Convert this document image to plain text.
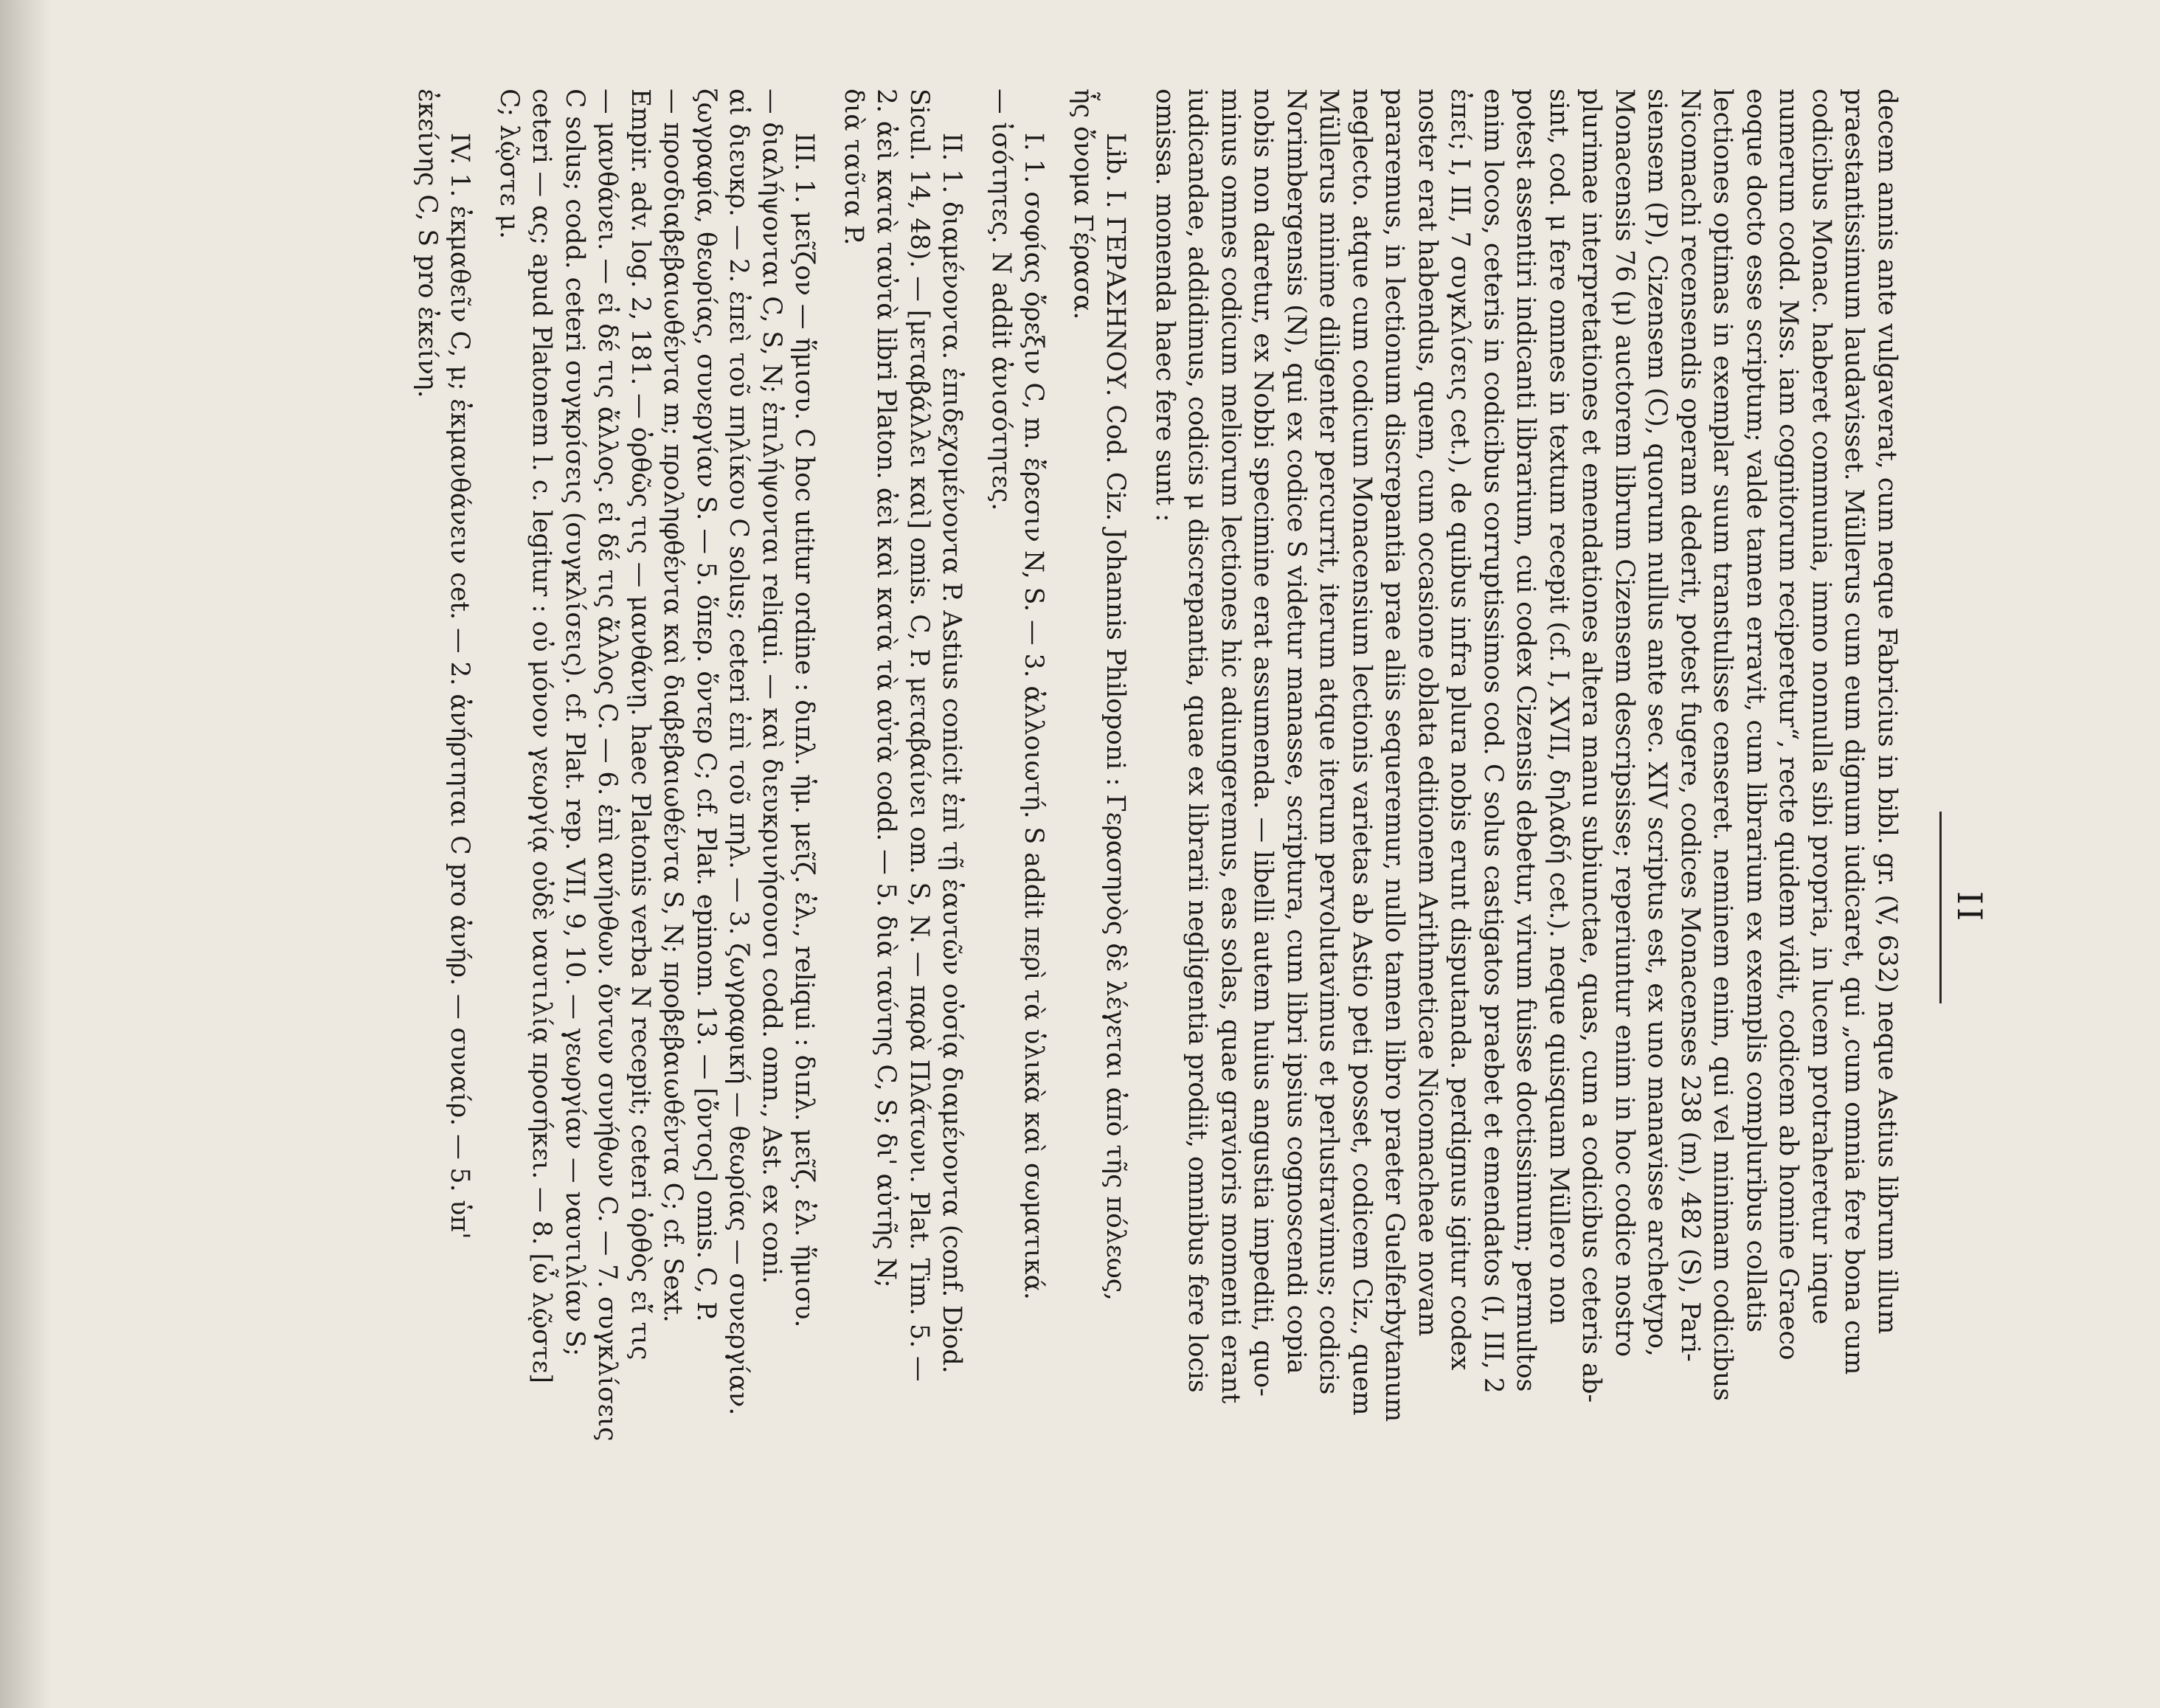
II

decem annis ante vulgaverat, cum neque Fabricius in bibl. gr. (V, 632) neque Astius librum illum
praestantissimum laudavisset. Müllerus cum eum dignum iudicaret, qui „cum omnia fere bona cum
codicibus Monac. haberet communia, immo nonnulla sibi propria, in lucem protraheretur inque
numerum codd. Mss. iam cognitorum reciperetur“, recte quidem vidit, codicem ab homine Graeco
eoque docto esse scriptum; valde tamen erravit, cum librarium ex exemplis compluribus collatis
lectiones optimas in exemplar suum transtulisse censeret. neminem enim, qui vel minimam codicibus
Nicomachi recensendis operam dederit, potest fugere, codices Monacenses 238 (m), 482 (S), Pari-
siensem (P), Cizensem (C), quorum nullus ante sec. XIV scriptus est, ex uno manavisse archetypo,
Monacensis 76 (μ) auctorem librum Cizensem descripsisse; reperiuntur enim in hoc codice nostro
plurimae interpretationes et emendationes altera manu subiunctae, quas, cum a codicibus ceteris ab-
sint, cod. μ fere omnes in textum recepit (cf. I, XVII, δηλαδή cet.). neque quisquam Müllero non
potest assentiri indicanti librarium, cui codex Cizensis debetur, virum fuisse doctissimum; permultos
enim locos, ceteris in codicibus corruptissimos cod. C solus castigatos praebet et emendatos (I, III, 2
ἐπεί; I, III, 7 συγκλίσεις cet.), de quibus infra plura nobis erunt disputanda. perdignus igitur codex
noster erat habendus, quem, cum occasione oblata editionem Arithmeticae Nicomacheae novam
pararemus, in lectionum discrepantia prae aliis sequeremur, nullo tamen libro praeter Guelferbytanum
neglecto. atque cum codicum Monacensium lectionis varietas ab Astio peti posset, codicem Ciz., quem
Müllerus minime diligenter percurrit, iterum atque iterum pervolutavimus et perlustravimus; codicis
Norimbergensis (N), qui ex codice S videtur manasse, scriptura, cum libri ipsius cognoscendi copia
nobis non daretur, ex Nobbi specimine erat assumenda. — libelli autem huius angustia impediti, quo-
minus omnes codicum meliorum lectiones hic adiungeremus, eas solas, quae gravioris momenti erant
iudicandae, addidimus, codicis μ discrepantia, quae ex librarii negligentia prodiit, omnibus fere locis
omissa. monenda haec fere sunt :

Lib. I. ΓΕΡΑΣΗΝΟΥ. Cod. Ciz. Johannis Philoponi : Γερασηνὸς δὲ λέγεται ἀπὸ τῆς πόλεως,
ἧς ὄνομα Γέρασα.

I. 1. σοφίας ὄρεξιν C, m. ἔρεσιν N, S. — 3. ἀλλοιωτή. S addit περὶ τὰ ὑλικὰ καὶ σωματικά.
— ἰσότητες. N addit ἀνισότητες.

II. 1. διαμένοντα. ἐπιδεχομένοντα P. Astius conicit ἐπὶ τῇ ἑαυτῶν οὐσίᾳ διαμένοντα (conf. Diod.
Sicul. 14, 48). — [μεταβάλλει καὶ] omis. C, P. μεταβαίνει om. S, N. — παρὰ Πλάτωνι. Plat. Tim. 5. —
2. ἀεὶ κατὰ ταὐτὰ libri Platon. ἀεὶ καὶ κατὰ τὰ αὐτὰ codd. — 5. διὰ ταύτης C, S; δι' αὐτῆς N;
διὰ ταῦτα P.

III. 1. μεῖζον — ἥμισυ. C hoc utitur ordine : διπλ. ἡμ. μεῖζ. ἐλ., reliqui : διπλ. μεῖζ. ἐλ. ἥμισυ.
— διαλήψονται C, S, N; ἐπιλήψονται reliqui. — καὶ διευκρινήσουσι codd. omn., Ast. ex coni.
αἱ διευκρ. — 2. ἐπεὶ τοῦ πηλίκου C solus; ceteri ἐπὶ τοῦ πηλ. — 3. ζωγραφική — θεωρίας — συνεργίαν.
ζωγραφία, θεωρίας, συνεργίαν S. — 5. ὅπερ. ὅντερ C; cf. Plat. epinom. 13. — [ὄντος] omis. C, P.
— προσδιαβεβαιωθέντα m; προληφθέντα καὶ διαβεβαιωθέντα S, N; προβεβαιωθέντα C; cf. Sext.
Empir. adv. log. 2, 181. — ὀρθῶς τις — μανθάνῃ. haec Platonis verba N recepit; ceteri ὀρθὸς εἴ τις
— μανθάνει. — εἰ δέ τις ἄλλος. εἰ δέ τις ἄλλος C. — 6. ἐπὶ ανήνθων. ὄντων συνήθων C. — 7. συγκλίσεις
C solus; codd. ceteri συγκρίσεις (συγκλίσεις). cf. Plat. rep. VII, 9, 10. — γεωργίαν — ναυτιλίαν S;
ceteri — ας; apud Platonem l. c. legitur : οὐ μόνον γεωργίᾳ οὐδὲ ναυτιλίᾳ προσήκει. — 8. [ὦ λῷστε]
C; λῷστε μ.

IV. 1. ἐκμαθεῖν C, μ; ἐκμανθάνειν cet. — 2. ἀνήρτηται C pro ἀνήρ. — συναίρ. — 5. ὑπ'
ἐκείνης C, S pro ἐκείνη.
